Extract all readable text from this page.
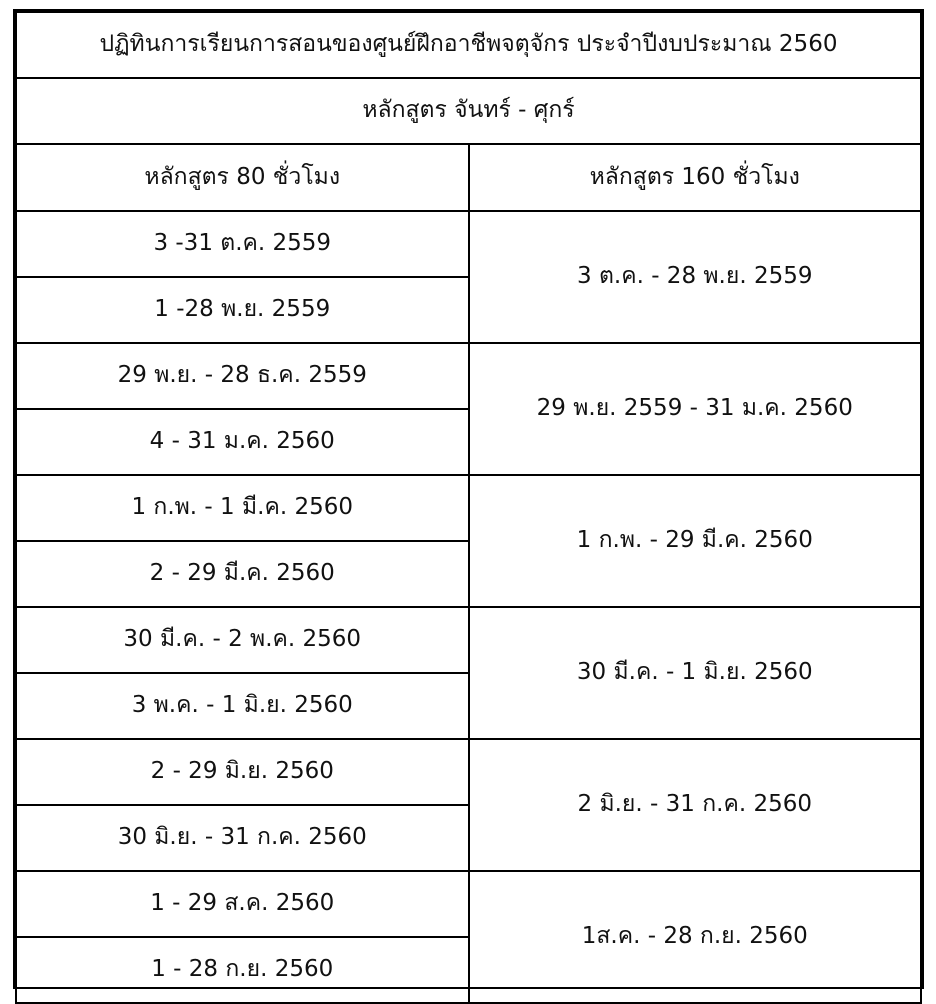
ปฏิทินการเรียนการสอนของศูนย์ฝึกอาชีพจตุจักร ประจำปีงบประมาณ 2560	
หลักสูตร จันทร์ - ศุกร์	
หลักสูตร 80 ชั่วโมง	หลักสูตร 160 ชั่วโมง
3 -31 ต.ค. 2559	3 ต.ค. - 28 พ.ย. 2559
1 -28 พ.ย. 2559	
29 พ.ย. - 28 ธ.ค. 2559	29 พ.ย. 2559 - 31 ม.ค. 2560
4 - 31 ม.ค. 2560	
1 ก.พ. - 1 มี.ค. 2560	1 ก.พ. - 29 มี.ค. 2560
2 - 29 มี.ค. 2560	
30 มี.ค. - 2 พ.ค. 2560	30 มี.ค. - 1 มิ.ย. 2560
3 พ.ค. - 1 มิ.ย. 2560	
2 - 29 มิ.ย. 2560	2 มิ.ย. - 31 ก.ค. 2560
30 มิ.ย. - 31 ก.ค. 2560	
1 - 29 ส.ค. 2560	1ส.ค. - 28 ก.ย. 2560
1 - 28 ก.ย. 2560	
